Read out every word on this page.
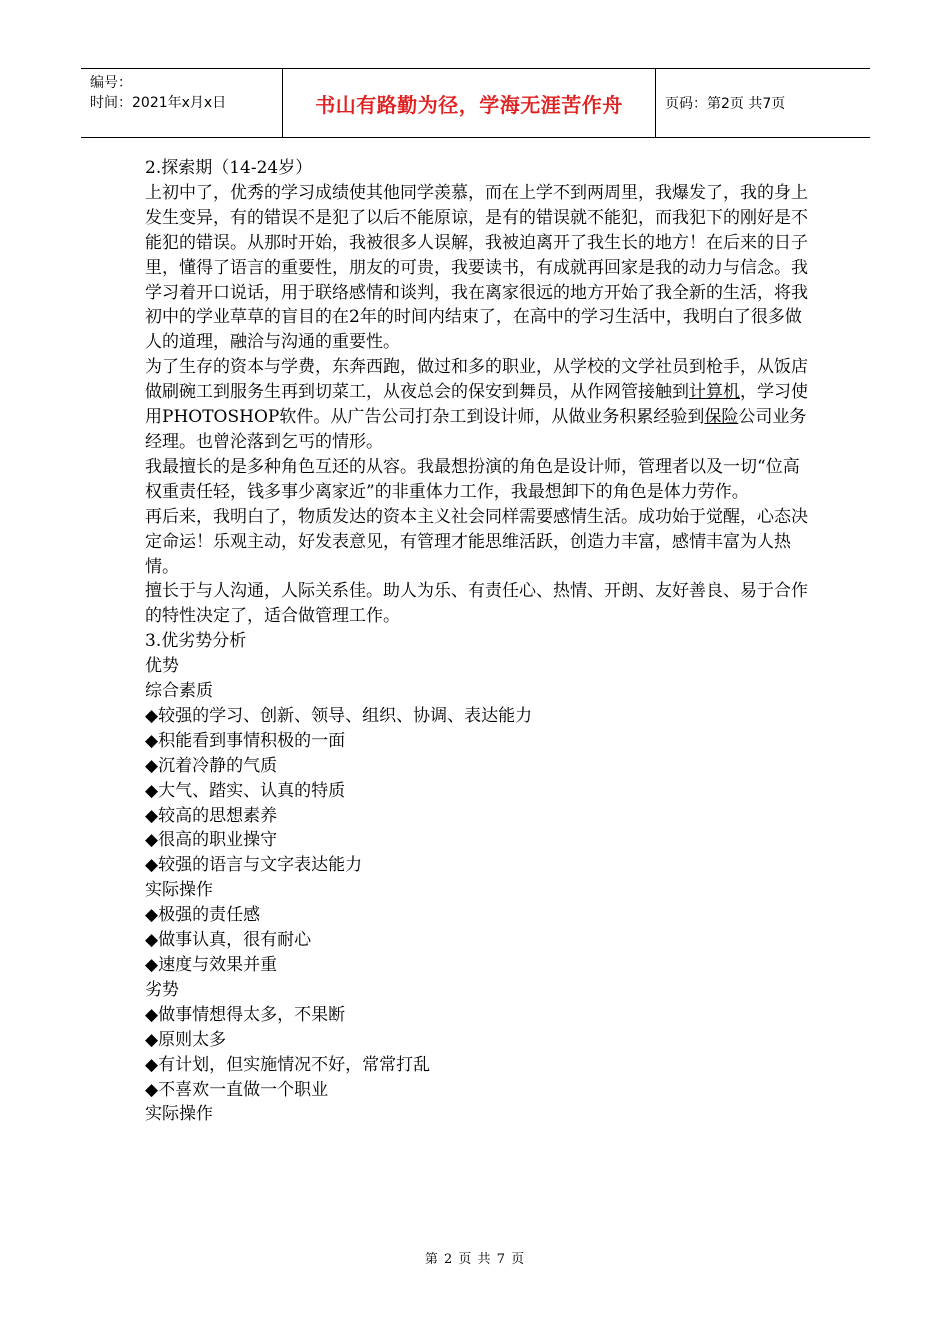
编号：
时间：2021年x月x日	书山有路勤为径，学海无涯苦作舟	页码：第2页 共7页

2.探索期（14-24岁）

上初中了，优秀的学习成绩使其他同学羡慕，而在上学不到两周里，我爆发了，我的身上发生变异，有的错误不是犯了以后不能原谅，是有的错误就不能犯，而我犯下的刚好是不能犯的错误。从那时开始，我被很多人误解，我被迫离开了我生长的地方！在后来的日子里，懂得了语言的重要性，朋友的可贵，我要读书，有成就再回家是我的动力与信念。我学习着开口说话，用于联络感情和谈判，我在离家很远的地方开始了我全新的生活，将我初中的学业草草的盲目的在2年的时间内结束了，在高中的学习生活中，我明白了很多做人的道理，融洽与沟通的重要性。

为了生存的资本与学费，东奔西跑，做过和多的职业，从学校的文学社员到枪手，从饭店做刷碗工到服务生再到切菜工，从夜总会的保安到舞员，从作网管接触到计算机，学习使用PHOTOSHOP软件。从广告公司打杂工到设计师，从做业务积累经验到保险公司业务经理。也曾沦落到乞丐的情形。

我最擅长的是多种角色互还的从容。我最想扮演的角色是设计师，管理者以及一切“位高权重责任轻，钱多事少离家近”的非重体力工作，我最想卸下的角色是体力劳作。

再后来，我明白了，物质发达的资本主义社会同样需要感情生活。成功始于觉醒，心态决定命运！乐观主动，好发表意见，有管理才能思维活跃，创造力丰富，感情丰富为人热情。

擅长于与人沟通，人际关系佳。助人为乐、有责任心、热情、开朗、友好善良、易于合作的特性决定了，适合做管理工作。

3.优劣势分析

优势

综合素质

◆较强的学习、创新、领导、组织、协调、表达能力

◆积能看到事情积极的一面

◆沉着冷静的气质

◆大气、踏实、认真的特质

◆较高的思想素养

◆很高的职业操守

◆较强的语言与文字表达能力

实际操作

◆极强的责任感

◆做事认真，很有耐心

◆速度与效果并重

劣势

◆做事情想得太多，不果断

◆原则太多

◆有计划，但实施情况不好，常常打乱

◆不喜欢一直做一个职业

实际操作

第 2 页 共 7 页
